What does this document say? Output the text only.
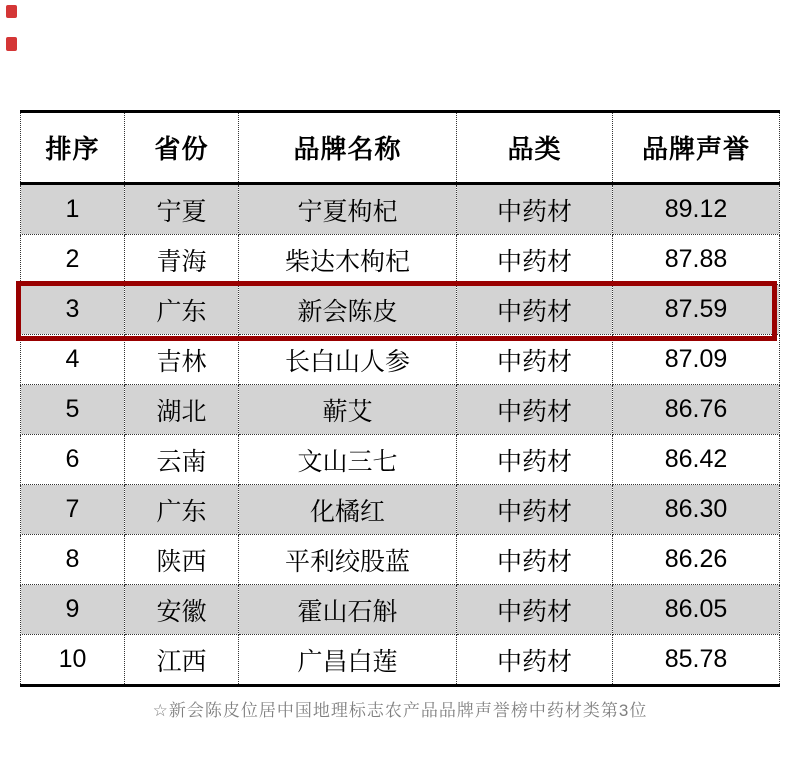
排序	省份	品牌名称	品类	品牌声誉
1	宁夏	宁夏枸杞	中药材	89.12
2	青海	柴达木枸杞	中药材	87.88
3	广东	新会陈皮	中药材	87.59
4	吉林	长白山人参	中药材	87.09
5	湖北	蕲艾	中药材	86.76
6	云南	文山三七	中药材	86.42
7	广东	化橘红	中药材	86.30
8	陕西	平利绞股蓝	中药材	86.26
9	安徽	霍山石斛	中药材	86.05
10	江西	广昌白莲	中药材	85.78
☆新会陈皮位居中国地理标志农产品品牌声誉榜中药材类第3位
